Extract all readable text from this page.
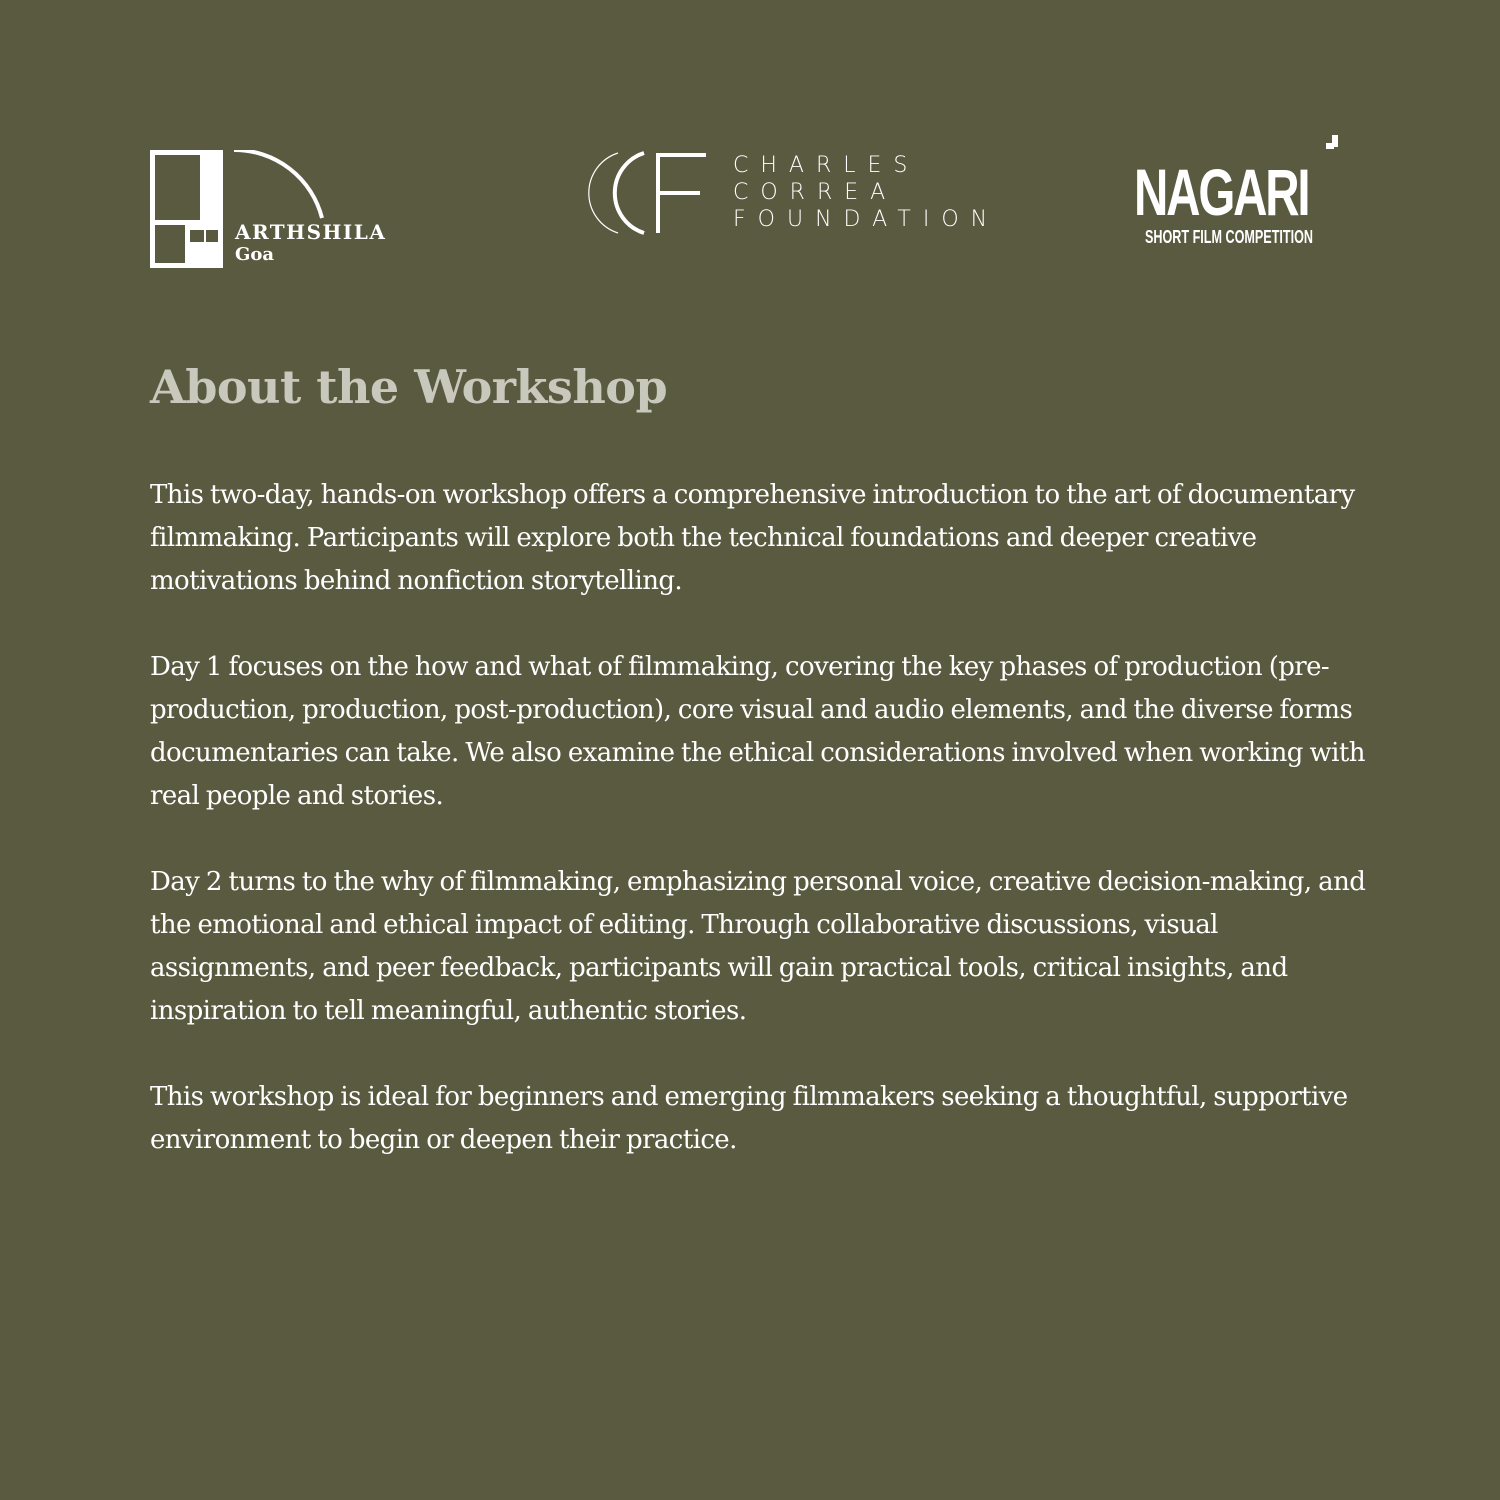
ARTHSHILA
Goa
CHARLES
CORREA
FOUNDATION NAGARI
SHORT FILM COMPETITION
About the Workshop

This two-day, hands-on workshop offers a comprehensive introduction to the art of documentary filmmaking. Participants will explore both the technical foundations and deeper creative motivations behind nonfiction storytelling.

Day 1 focuses on the how and what of filmmaking, covering the key phases of production (pre-production, production, post-production), core visual and audio elements, and the diverse forms documentaries can take. We also examine the ethical considerations involved when working with real people and stories.

Day 2 turns to the why of filmmaking, emphasizing personal voice, creative decision-making, and the emotional and ethical impact of editing. Through collaborative discussions, visual assignments, and peer feedback, participants will gain practical tools, critical insights, and inspiration to tell meaningful, authentic stories.

This workshop is ideal for beginners and emerging filmmakers seeking a thoughtful, supportive environment to begin or deepen their practice.
